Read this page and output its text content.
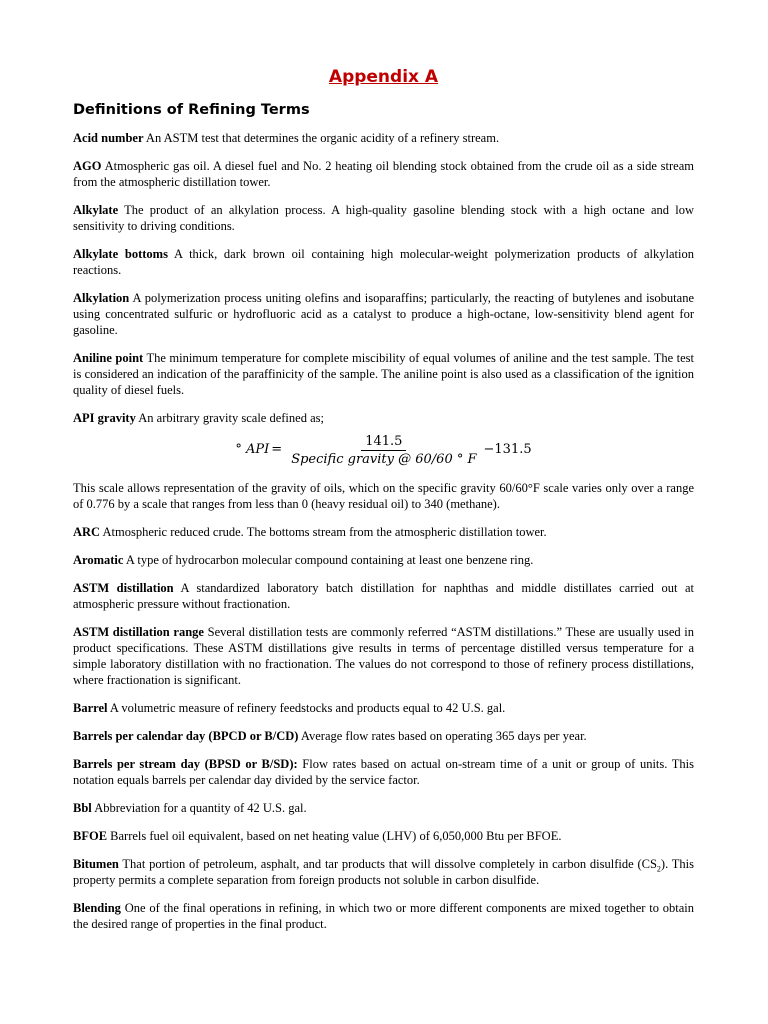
Appendix A
Definitions of Refining Terms
Acid number An ASTM test that determines the organic acidity of a refinery stream.
AGO Atmospheric gas oil. A diesel fuel and No. 2 heating oil blending stock obtained from the crude oil as a side stream from the atmospheric distillation tower.
Alkylate The product of an alkylation process. A high-quality gasoline blending stock with a high octane and low sensitivity to driving conditions.
Alkylate bottoms A thick, dark brown oil containing high molecular-weight polymerization products of alkylation reactions.
Alkylation A polymerization process uniting olefins and isoparaffins; particularly, the reacting of butylenes and isobutane using concentrated sulfuric or hydrofluoric acid as a catalyst to produce a high-octane, low-sensitivity blend agent for gasoline.
Aniline point The minimum temperature for complete miscibility of equal volumes of aniline and the test sample. The test is considered an indication of the paraffinicity of the sample. The aniline point is also used as a classification of the ignition quality of diesel fuels.
API gravity An arbitrary gravity scale defined as;
° API = $\frac{141.5}{\text{Specific gravity @ 60/60 ° F}} -131.5$
This scale allows representation of the gravity of oils, which on the specific gravity 60/60°F scale varies only over a range of 0.776 by a scale that ranges from less than 0 (heavy residual oil) to 340 (methane).
ARC Atmospheric reduced crude. The bottoms stream from the atmospheric distillation tower.
Aromatic A type of hydrocarbon molecular compound containing at least one benzene ring.
ASTM distillation A standardized laboratory batch distillation for naphthas and middle distillates carried out at atmospheric pressure without fractionation.
ASTM distillation range Several distillation tests are commonly referred “ASTM distillations.” These are usually used in product specifications. These ASTM distillations give results in terms of percentage distilled versus temperature for a simple laboratory distillation with no fractionation. The values do not correspond to those of refinery process distillations, where fractionation is significant.
Barrel A volumetric measure of refinery feedstocks and products equal to 42 U.S. gal.
Barrels per calendar day (BPCD or B/CD) Average flow rates based on operating 365 days per year.
Barrels per stream day (BPSD or B/SD): Flow rates based on actual on-stream time of a unit or group of units. This notation equals barrels per calendar day divided by the service factor.
Bbl Abbreviation for a quantity of 42 U.S. gal.
BFOE Barrels fuel oil equivalent, based on net heating value (LHV) of 6,050,000 Btu per BFOE.
Bitumen That portion of petroleum, asphalt, and tar products that will dissolve completely in carbon disulfide $(CS_2)$. This property permits a complete separation from foreign products not soluble in carbon disulfide.
Blending One of the final operations in refining, in which two or more different components are mixed together to obtain the desired range of properties in the final product.
